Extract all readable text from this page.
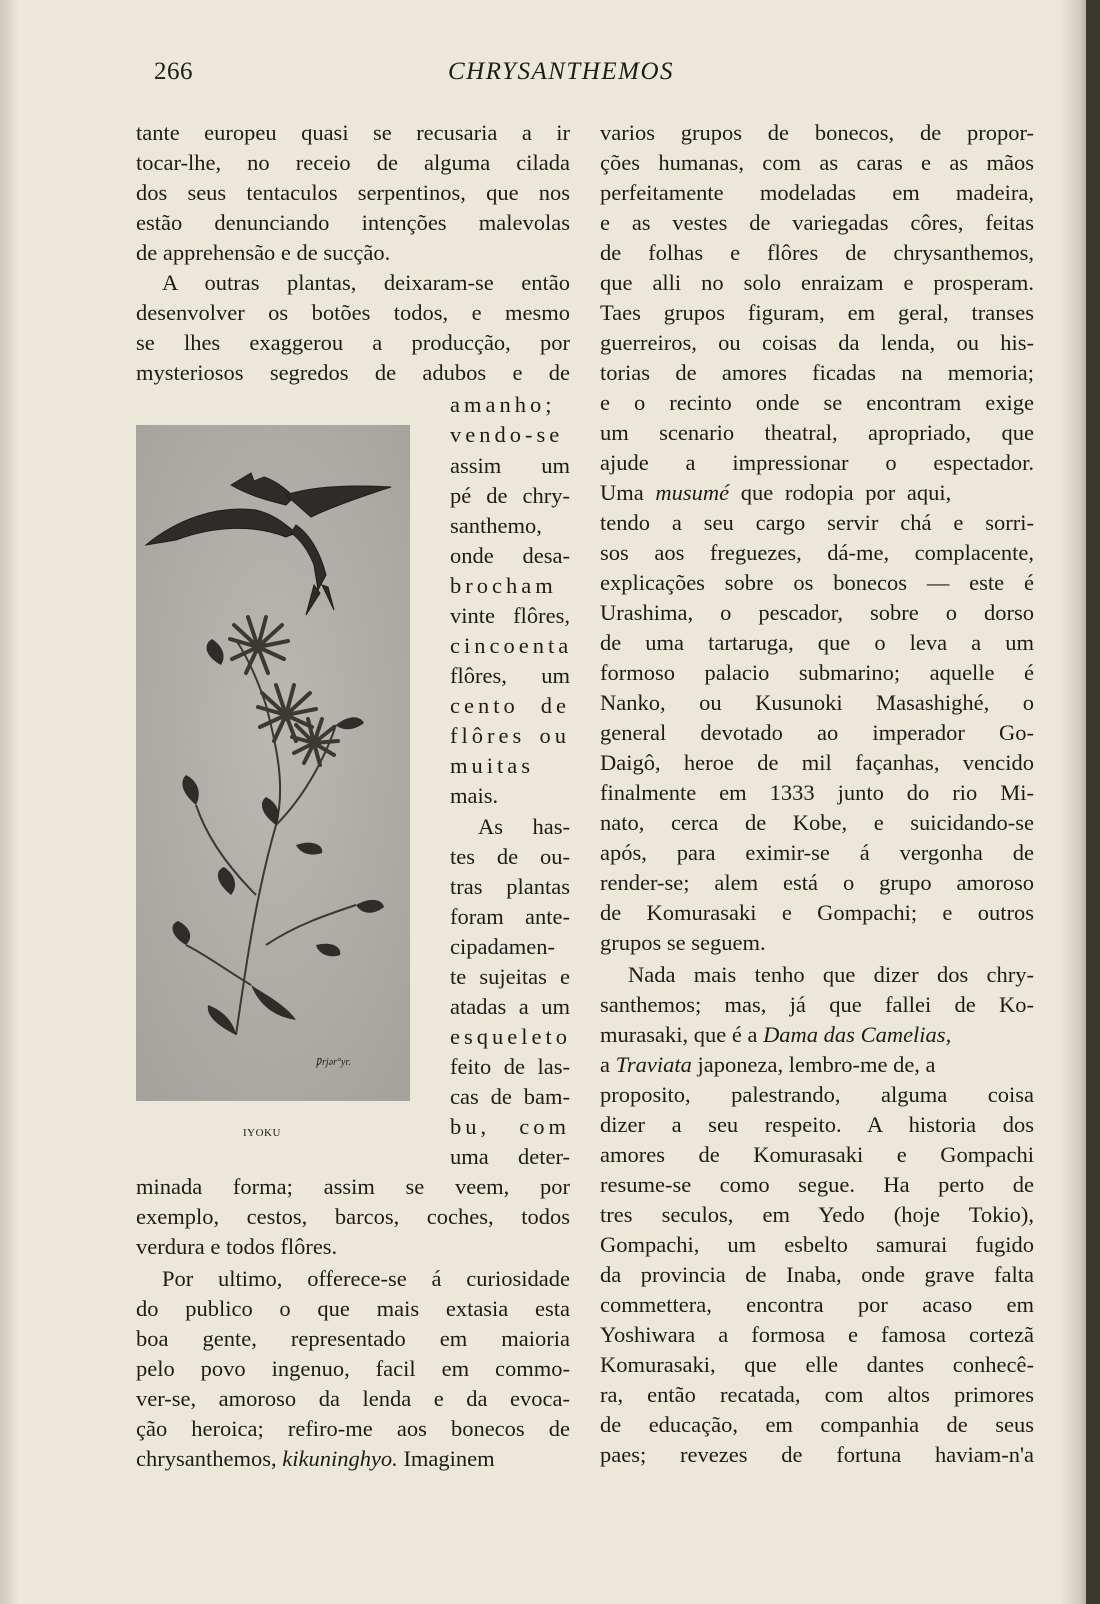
266	CHRYSANTHEMOS
tante europeu quasi se recusaria a ir
tocar-lhe, no receio de alguma cilada
dos seus tentaculos serpentinos, que nos
estão denunciando intenções malevolas
de apprehensão e de sucção.
A outras plantas, deixaram-se então
desenvolver os botões todos, e mesmo
se lhes exaggerou a producção, por
mysteriosos segredos de adubos e de
amanho;
vendo-se
assim um
pé de chry-
santhemo,
onde desa-
brocham
vinte flôres,
cincoenta
flôres, um
cento de
flôres ou
muitas
mais.
As has-
tes de ou-
tras plantas
foram ante-
cipadamen-
te sujeitas e
atadas a um
esqueleto
feito de las-
cas de bam-
bu, com
uma deter-
minada forma; assim se veem, por
exemplo, cestos, barcos, coches, todos
verdura e todos flôres.
Por ultimo, offerece-se á curiosidade
do publico o que mais extasia esta
boa gente, representado em maioria
pelo povo ingenuo, facil em commo-
ver-se, amoroso da lenda e da evoca-
ção heroica; refiro-me aos bonecos de
chrysanthemos, kikuninghyo. Imaginem
Ƿrjər°yr.
IYOKU
varios grupos de bonecos, de propor-
ções humanas, com as caras e as mãos
perfeitamente modeladas em madeira,
e as vestes de variegadas côres, feitas
de folhas e flôres de chrysanthemos,
que alli no solo enraizam e prosperam.
Taes grupos figuram, em geral, transes
guerreiros, ou coisas da lenda, ou his-
torias de amores ficadas na memoria;
e o recinto onde se encontram exige
um scenario theatral, apropriado, que
ajude a impressionar o espectador.
Uma musumé que rodopia por aqui,
tendo a seu cargo servir chá e sorri-
sos aos freguezes, dá-me, complacente,
explicações sobre os bonecos — este é
Urashima, o pescador, sobre o dorso
de uma tartaruga, que o leva a um
formoso palacio submarino; aquelle é
Nanko, ou Kusunoki Masashighé, o
general devotado ao imperador Go-
Daigô, heroe de mil façanhas, vencido
finalmente em 1333 junto do rio Mi-
nato, cerca de Kobe, e suicidando-se
após, para eximir-se á vergonha de
render-se; alem está o grupo amoroso
de Komurasaki e Gompachi; e outros
grupos se seguem.
Nada mais tenho que dizer dos chry-
santhemos; mas, já que fallei de Ko-
murasaki, que é a Dama das Camelias,
a Traviata japoneza, lembro-me de, a
proposito, palestrando, alguma coisa
dizer a seu respeito. A historia dos
amores de Komurasaki e Gompachi
resume-se como segue. Ha perto de
tres seculos, em Yedo (hoje Tokio),
Gompachi, um esbelto samurai fugido
da provincia de Inaba, onde grave falta
commettera, encontra por acaso em
Yoshiwara a formosa e famosa cortezã
Komurasaki, que elle dantes conhecê-
ra, então recatada, com altos primores
de educação, em companhia de seus
paes; revezes de fortuna haviam-n'a
